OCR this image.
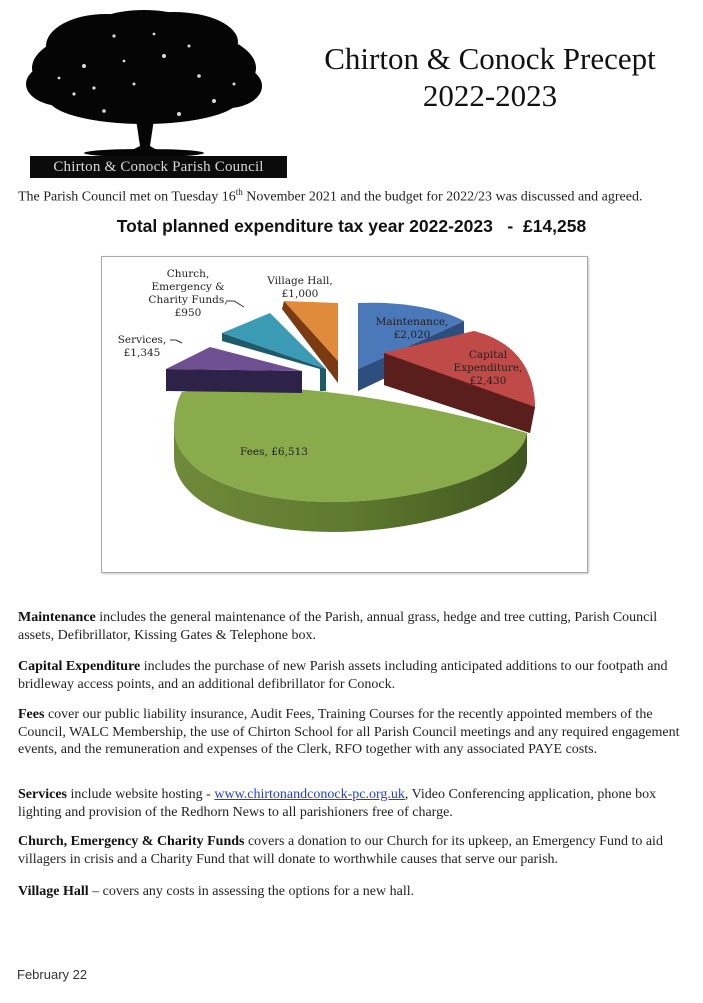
Chirton & Conock Parish Council
Chirton & Conock Precept
2022-2023
The Parish Council met on Tuesday 16th November 2021 and the budget for 2022/23 was discussed and agreed.
Total planned expenditure tax year 2022-2023   -  £14,258
Fees, £6,513
Maintenance,
£2,020
Capital
Expenditure,
£2,430
Church,
Emergency &
Charity Funds,
£950
Services,
£1,345
Village Hall,
£1,000
Maintenance includes the general maintenance of the Parish, annual grass, hedge and tree cutting, Parish Council assets, Defibrillator, Kissing Gates & Telephone box.
Capital Expenditure includes the purchase of new Parish assets including anticipated additions to our footpath and bridleway access points, and an additional defibrillator for Conock.
Fees cover our public liability insurance, Audit Fees, Training Courses for the recently appointed members of the Council, WALC Membership, the use of Chirton School for all Parish Council meetings and any required engagement events, and the remuneration and expenses of the Clerk, RFO together with any associated PAYE costs.
Services include website hosting - www.chirtonandconock-pc.org.uk, Video Conferencing application, phone box lighting and provision of the Redhorn News to all parishioners free of charge.
Church, Emergency & Charity Funds covers a donation to our Church for its upkeep, an Emergency Fund to aid villagers in crisis and a Charity Fund that will donate to worthwhile causes that serve our parish.
Village Hall – covers any costs in assessing the options for a new hall.
February 22
